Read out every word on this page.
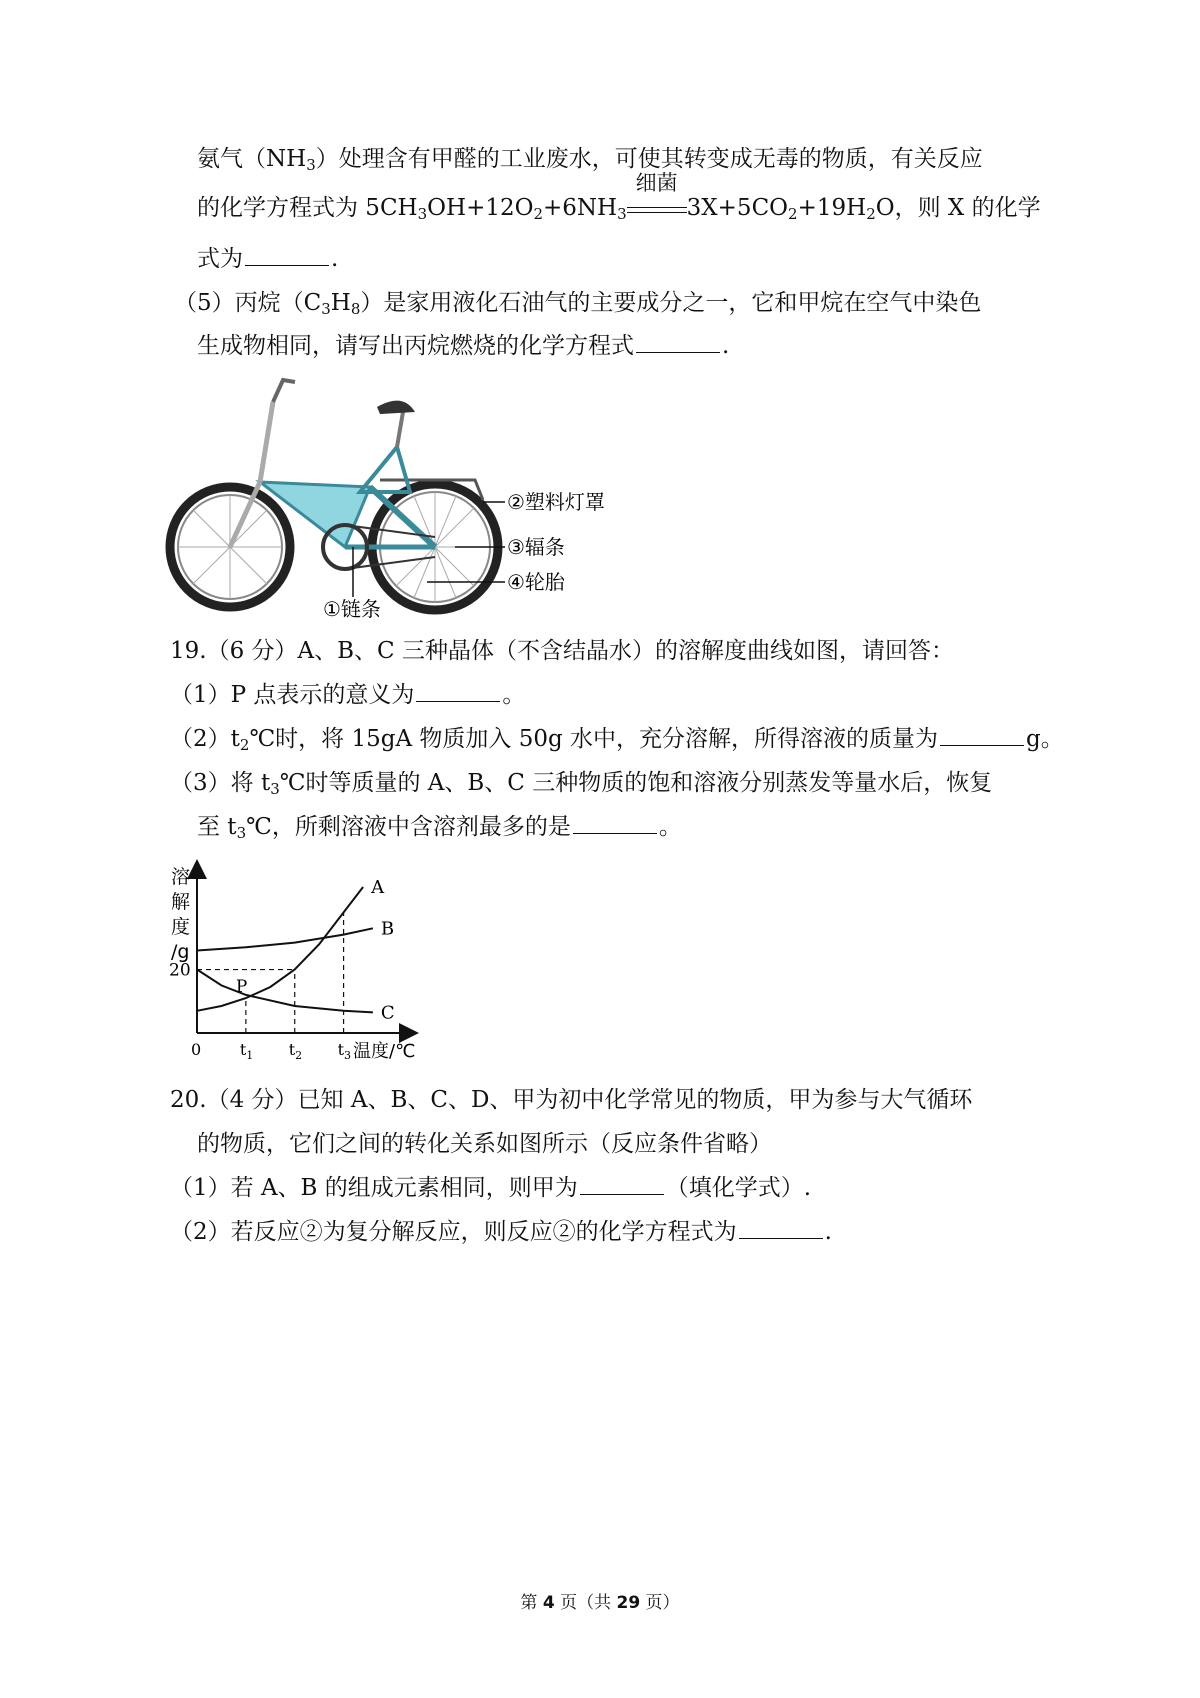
氨气$(NH_3)$处理含有甲醛的工业废水，可使其转变成无毒的物质，有关反应
的化学方程式为 $5CH_3OH+12O_2+6NH_3$
细菌
$3X+5CO_2+19H_2O$，则 X 的化学
式为	.
（5）丙烷$(C_3H_8)$是家用液化石油气的主要成分之一，它和甲烷在空气中染色
生成物相同，请写出丙烷燃烧的化学方程式	.
②塑料灯罩
③辐条
④轮胎
①链条
19.（6 分）A、B、C 三种晶体（不含结晶水）的溶解度曲线如图，请回答：
（1）P 点表示的意义为	。
$(2)t_2℃$时，将 15gA 物质加入 50g 水中，充分溶解，所得溶液的质量为	g。
（3）将 $t_3℃$时等质量的 A、B、C 三种物质的饱和溶液分别蒸发等量水后，恢复
至 $t_3℃$，所剩溶液中含溶剂最多的是	。
A
B
C
$t_1$ $t_2$ $t_3$
20
0
P
溶
解
度
/g
温度/℃
20.（4 分）已知 A、B、C、D、甲为初中化学常见的物质，甲为参与大气循环
的物质，它们之间的转化关系如图所示（反应条件省略）
（1）若 A、B 的组成元素相同，则甲为	（填化学式）.
（2）若反应②为复分解反应，则反应②的化学方程式为	.
第 4 页（共 29 页）
